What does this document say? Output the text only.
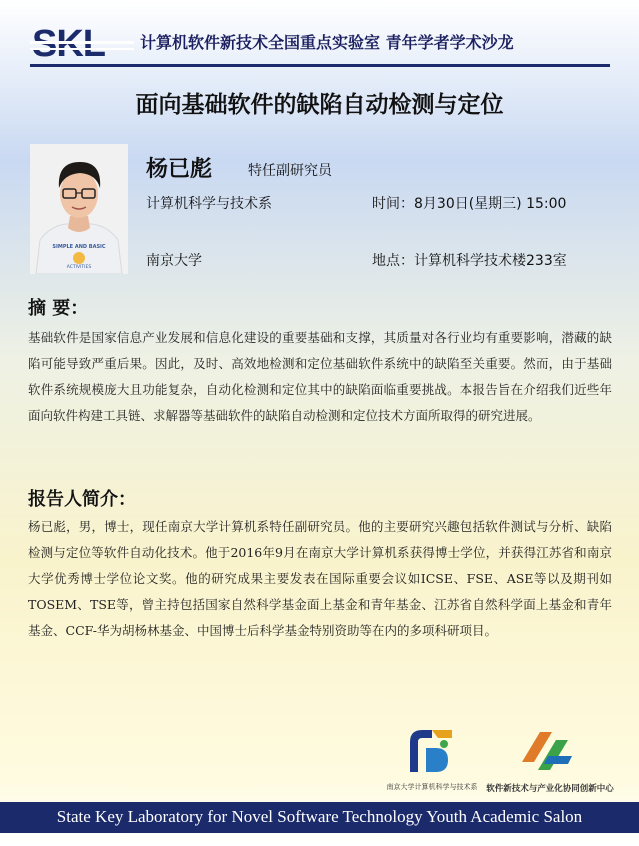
计算机软件新技术全国重点实验室 青年学者学术沙龙
面向基础软件的缺陷自动检测与定位
SIMPLE AND BASIC
ACTIVITIES
杨已彪	特任副研究员
计算机科学与技术系	时间：8月30日(星期三) 15:00
南京大学	地点：计算机科学技术楼233室
摘 要：
基础软件是国家信息产业发展和信息化建设的重要基础和支撑，其质量对各行业均有重要影响，潜藏的缺陷可能导致严重后果。因此，及时、高效地检测和定位基础软件系统中的缺陷至关重要。然而，由于基础软件系统规模庞大且功能复杂，自动化检测和定位其中的缺陷面临重要挑战。本报告旨在介绍我们近些年面向软件构建工具链、求解器等基础软件的缺陷自动检测和定位技术方面所取得的研究进展。
报告人简介：
杨已彪，男，博士，现任南京大学计算机系特任副研究员。他的主要研究兴趣包括软件测试与分析、缺陷检测与定位等软件自动化技术。他于2016年9月在南京大学计算机系获得博士学位，并获得江苏省和南京大学优秀博士学位论文奖。他的研究成果主要发表在国际重要会议如ICSE、FSE、ASE等以及期刊如TOSEM、TSE等，曾主持包括国家自然科学基金面上基金和青年基金、江苏省自然科学面上基金和青年基金、CCF-华为胡杨林基金、中国博士后科学基金特别资助等在内的多项科研项目。
南京大学计算机科学与技术系	软件新技术与产业化协同创新中心
State Key Laboratory for Novel Software Technology Youth Academic Salon
